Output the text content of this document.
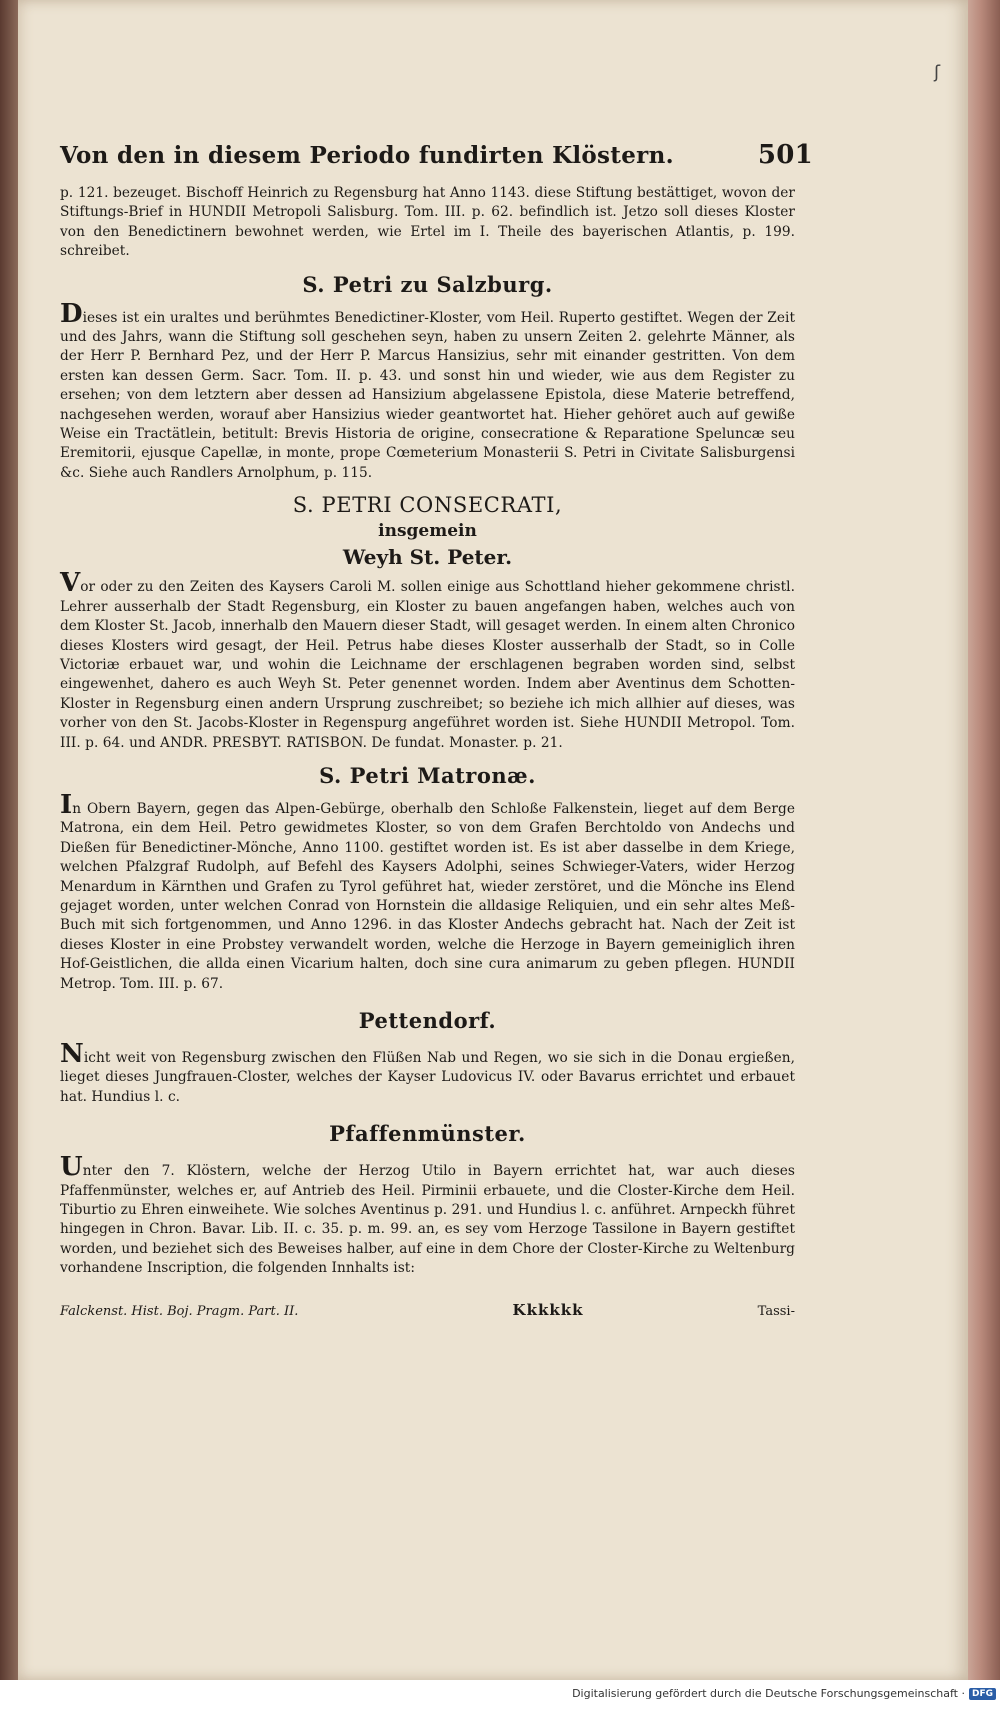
ʃ
Von den in diesem Periodo fundirten Klöstern.	501

p. 121. bezeuget. Bischoff Heinrich zu Regensburg hat Anno 1143. diese Stiftung bestättiget, wovon der Stiftungs-Brief in HUNDII Metropoli Salisburg. Tom. III. p. 62. befindlich ist. Jetzo soll dieses Kloster von den Benedictinern bewohnet werden, wie Ertel im I. Theile des bayerischen Atlantis, p. 199. schreibet.

S. Petri zu Salzburg.

Dieses ist ein uraltes und berühmtes Benedictiner-Kloster, vom Heil. Ruperto gestiftet. Wegen der Zeit und des Jahrs, wann die Stiftung soll geschehen seyn, haben zu unsern Zeiten 2. gelehrte Männer, als der Herr P. Bernhard Pez, und der Herr P. Marcus Hansizius, sehr mit einander gestritten. Von dem ersten kan dessen Germ. Sacr. Tom. II. p. 43. und sonst hin und wieder, wie aus dem Register zu ersehen; von dem letztern aber dessen ad Hansizium abgelassene Epistola, diese Materie betreffend, nachgesehen werden, worauf aber Hansizius wieder geantwortet hat. Hieher gehöret auch auf gewiße Weise ein Tractätlein, betitult: Brevis Historia de origine, consecratione & Reparatione Speluncæ seu Eremitorii, ejusque Capellæ, in monte, prope Cœmeterium Monasterii S. Petri in Civitate Salisburgensi &c. Siehe auch Randlers Arnolphum, p. 115.

S. PETRI CONSECRATI,
insgemein
Weyh St. Peter.

Vor oder zu den Zeiten des Kaysers Caroli M. sollen einige aus Schottland hieher gekommene christl. Lehrer ausserhalb der Stadt Regensburg, ein Kloster zu bauen angefangen haben, welches auch von dem Kloster St. Jacob, innerhalb den Mauern dieser Stadt, will gesaget werden. In einem alten Chronico dieses Klosters wird gesagt, der Heil. Petrus habe dieses Kloster ausserhalb der Stadt, so in Colle Victoriæ erbauet war, und wohin die Leichname der erschlagenen begraben worden sind, selbst eingewenhet, dahero es auch Weyh St. Peter genennet worden. Indem aber Aventinus dem Schotten-Kloster in Regensburg einen andern Ursprung zuschreibet; so beziehe ich mich allhier auf dieses, was vorher von den St. Jacobs-Kloster in Regenspurg angeführet worden ist. Siehe HUNDII Metropol. Tom. III. p. 64. und ANDR. PRESBYT. RATISBON. De fundat. Monaster. p. 21.

S. Petri Matronæ.

In Obern Bayern, gegen das Alpen-Gebürge, oberhalb den Schloße Falkenstein, lieget auf dem Berge Matrona, ein dem Heil. Petro gewidmetes Kloster, so von dem Grafen Berchtoldo von Andechs und Dießen für Benedictiner-Mönche, Anno 1100. gestiftet worden ist. Es ist aber dasselbe in dem Kriege, welchen Pfalzgraf Rudolph, auf Befehl des Kaysers Adolphi, seines Schwieger-Vaters, wider Herzog Menardum in Kärnthen und Grafen zu Tyrol geführet hat, wieder zerstöret, und die Mönche ins Elend gejaget worden, unter welchen Conrad von Hornstein die alldasige Reliquien, und ein sehr altes Meß-Buch mit sich fortgenommen, und Anno 1296. in das Kloster Andechs gebracht hat. Nach der Zeit ist dieses Kloster in eine Probstey verwandelt worden, welche die Herzoge in Bayern gemeiniglich ihren Hof-Geistlichen, die allda einen Vicarium halten, doch sine cura animarum zu geben pflegen. HUNDII Metrop. Tom. III. p. 67.

Pettendorf.

Nicht weit von Regensburg zwischen den Flüßen Nab und Regen, wo sie sich in die Donau ergießen, lieget dieses Jungfrauen-Closter, welches der Kayser Ludovicus IV. oder Bavarus errichtet und erbauet hat. Hundius l. c.

Pfaffenmünster.

Unter den 7. Klöstern, welche der Herzog Utilo in Bayern errichtet hat, war auch dieses Pfaffenmünster, welches er, auf Antrieb des Heil. Pirminii erbauete, und die Closter-Kirche dem Heil. Tiburtio zu Ehren einweihete. Wie solches Aventinus p. 291. und Hundius l. c. anführet. Arnpeckh führet hingegen in Chron. Bavar. Lib. II. c. 35. p. m. 99. an, es sey vom Herzoge Tassilone in Bayern gestiftet worden, und beziehet sich des Beweises halber, auf eine in dem Chore der Closter-Kirche zu Weltenburg vorhandene Inscription, die folgenden Innhalts ist:

Falckenst. Hist. Boj. Pragm. Part. II.	Kkkkkk	Tassi-
Digitalisierung gefördert durch die Deutsche Forschungsgemeinschaft · DFG
